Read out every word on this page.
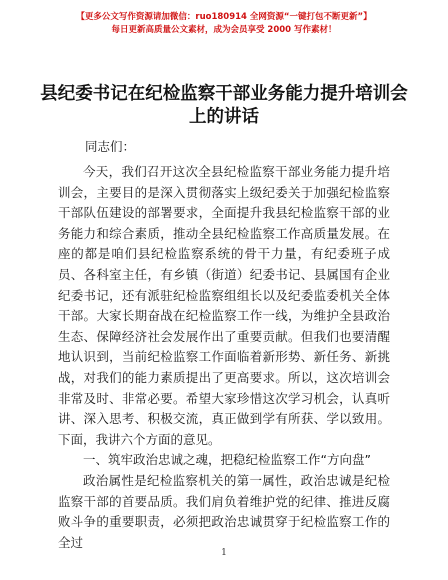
【更多公文写作资源请加微信：ruo180914 全网资源“一键打包不断更新”】
每日更新高质量公文素材，成为会员享受 2000 写作素材！
县纪委书记在纪检监察干部业务能力提升培训会上的讲话
同志们：

今天，我们召开这次全县纪检监察干部业务能力提升培训会，主要目的是深入贯彻落实上级纪委关于加强纪检监察干部队伍建设的部署要求，全面提升我县纪检监察干部的业务能力和综合素质，推动全县纪检监察工作高质量发展。在座的都是咱们县纪检监察系统的骨干力量，有纪委班子成员、各科室主任，有乡镇（街道）纪委书记、县属国有企业纪委书记，还有派驻纪检监察组组长以及纪委监委机关全体干部。大家长期奋战在纪检监察工作一线，为维护全县政治生态、保障经济社会发展作出了重要贡献。但我们也要清醒地认识到，当前纪检监察工作面临着新形势、新任务、新挑战，对我们的能力素质提出了更高要求。所以，这次培训会非常及时、非常必要。希望大家珍惜这次学习机会，认真听讲、深入思考、积极交流，真正做到学有所获、学以致用。下面，我讲六个方面的意见。

一、筑牢政治忠诚之魂，把稳纪检监察工作“方向盘”

政治属性是纪检监察机关的第一属性，政治忠诚是纪检监察干部的首要品质。我们肩负着维护党的纪律、推进反腐败斗争的重要职责，必须把政治忠诚贯穿于纪检监察工作的全过

1
